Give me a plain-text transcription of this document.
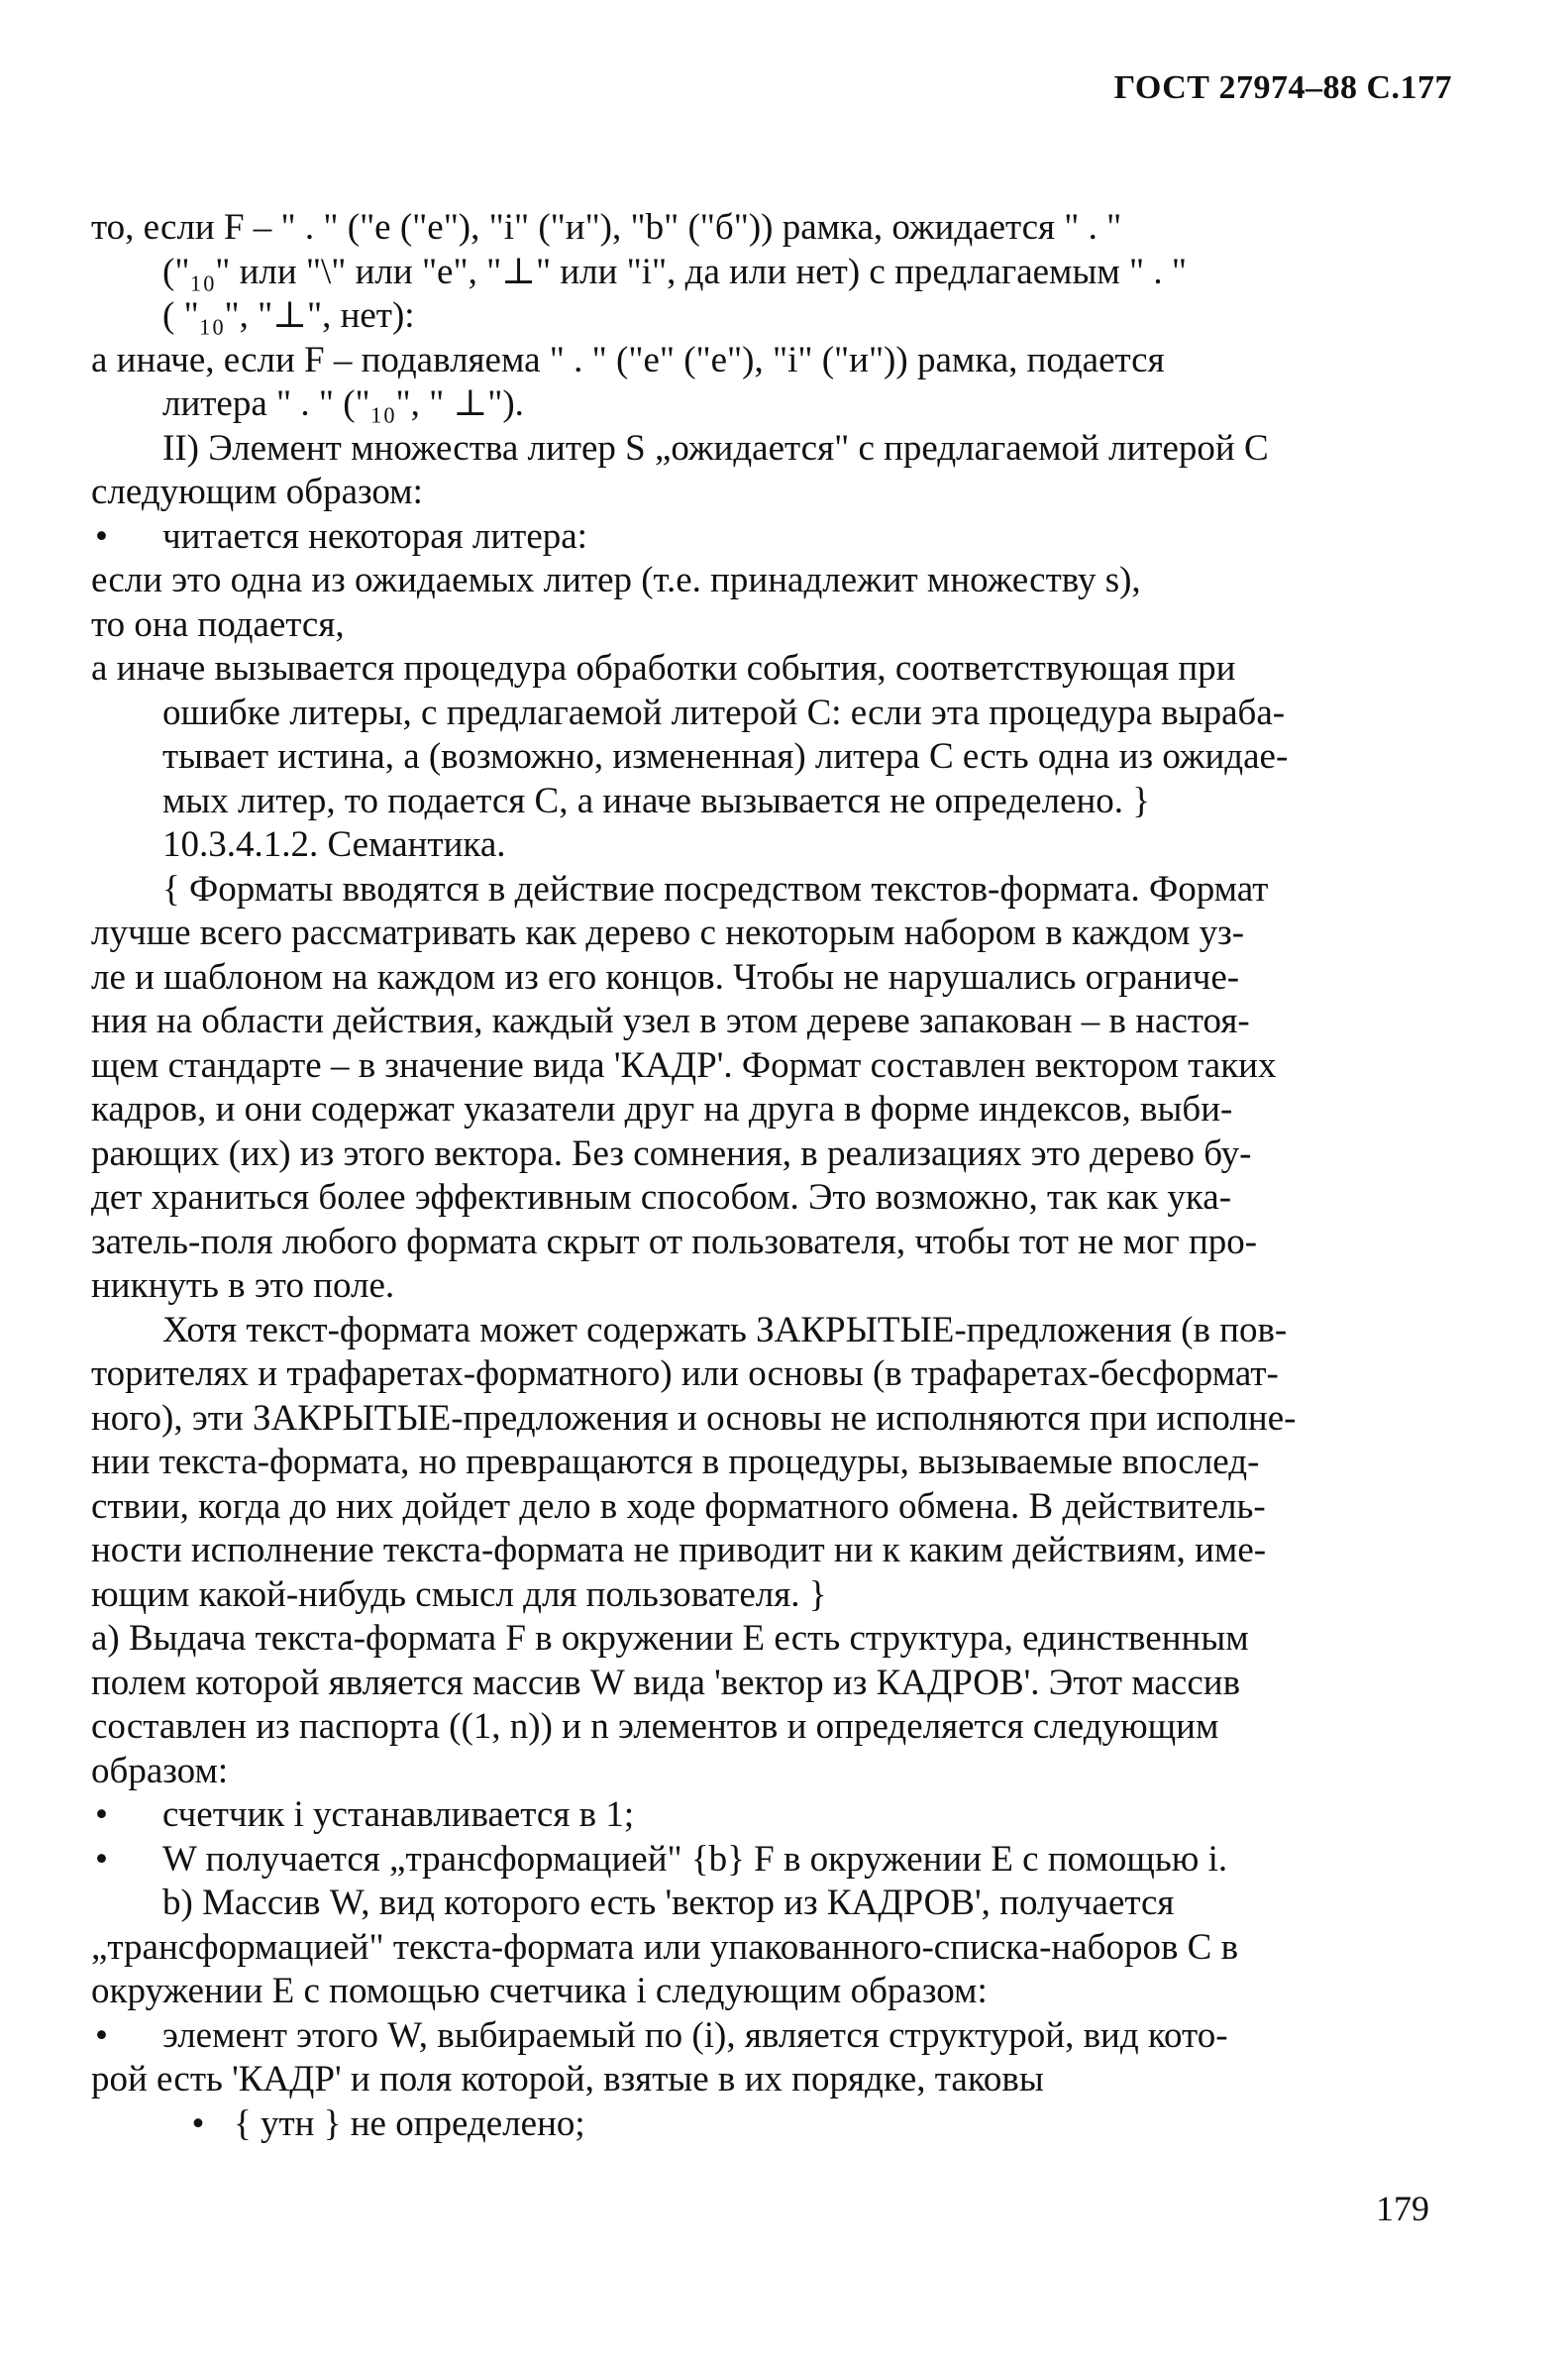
ГОСТ 27974–88 С.177
то, если F – " . " ("е ("е"), "i" ("и"), "b" ("б")) рамка, ожидается " . "
("₁₀" или "\" или "е", "⊥" или "i", да или нет) с предлагаемым " . "
( "₁₀", "⊥", нет):
а иначе, если F – подавляема " . " ("е" ("е"), "i" ("и")) рамка, подается
литера " . " ("₁₀", " ⊥").
II) Элемент множества литер S „ожидается" с предлагаемой литерой С
следующим образом:
• читается некоторая литера:
если это одна из ожидаемых литер (т.е. принадлежит множеству s),
то она подается,
а иначе вызывается процедура обработки события, соответствующая при
ошибке литеры, с предлагаемой литерой С: если эта процедура выраба-
тывает истина, а (возможно, измененная) литера С есть одна из ожидае-
мых литер, то подается С, а иначе вызывается не определено. }
10.3.4.1.2. Семантика.
{ Форматы вводятся в действие посредством текстов-формата. Формат
лучше всего рассматривать как дерево с некоторым набором в каждом уз-
ле и шаблоном на каждом из его концов. Чтобы не нарушались ограниче-
ния на области действия, каждый узел в этом дереве запакован – в настоя-
щем стандарте – в значение вида 'КАДР'. Формат составлен вектором таких
кадров, и они содержат указатели друг на друга в форме индексов, выби-
рающих (их) из этого вектора. Без сомнения, в реализациях это дерево бу-
дет храниться более эффективным способом. Это возможно, так как ука-
затель-поля любого формата скрыт от пользователя, чтобы тот не мог про-
никнуть в это поле.
Хотя текст-формата может содержать ЗАКРЫТЫЕ-предложения (в пов-
торителях и трафаретах-форматного) или основы (в трафаретах-бесформат-
ного), эти ЗАКРЫТЫЕ-предложения и основы не исполняются при исполне-
нии текста-формата, но превращаются в процедуры, вызываемые впослед-
ствии, когда до них дойдет дело в ходе форматного обмена. В действитель-
ности исполнение текста-формата не приводит ни к каким действиям, име-
ющим какой-нибудь смысл для пользователя. }
а) Выдача текста-формата F в окружении Е есть структура, единственным
полем которой является массив W вида 'вектор из КАДРОВ'. Этот массив
составлен из паспорта ((1, n)) и n элементов и определяется следующим
образом:
• счетчик i устанавливается в 1;
• W получается „трансформацией" {b} F в окружении Е с помощью i.
b) Массив W, вид которого есть 'вектор из КАДРОВ', получается
„трансформацией" текста-формата или упакованного-списка-наборов С в
окружении Е с помощью счетчика i следующим образом:
• элемент этого W, выбираемый по (i), является структурой, вид кото-
рой есть 'КАДР' и поля которой, взятые в их порядке, таковы
• { утн } не определено;
179
